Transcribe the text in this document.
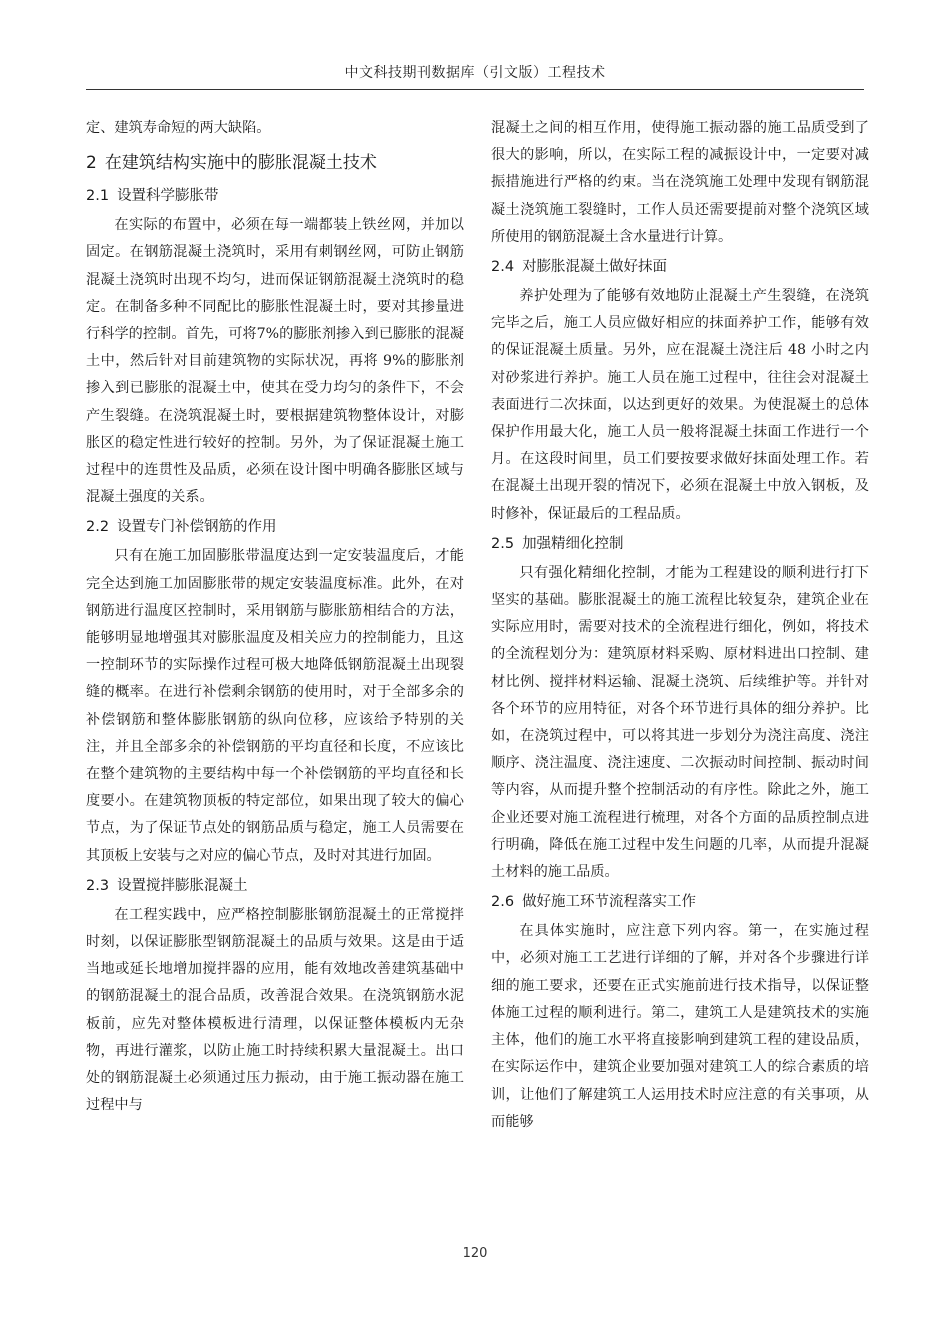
中文科技期刊数据库（引文版）工程技术

定、建筑寿命短的两大缺陷。

2 在建筑结构实施中的膨胀混凝土技术
2.1 设置科学膨胀带

在实际的布置中，必须在每一端都装上铁丝网，并加以固定。在钢筋混凝土浇筑时，采用有刺钢丝网，可防止钢筋混凝土浇筑时出现不均匀，进而保证钢筋混凝土浇筑时的稳定。在制备多种不同配比的膨胀性混凝土时，要对其掺量进行科学的控制。首先，可将7%的膨胀剂掺入到已膨胀的混凝土中，然后针对目前建筑物的实际状况，再将 9%的膨胀剂掺入到已膨胀的混凝土中，使其在受力均匀的条件下，不会产生裂缝。在浇筑混凝土时，要根据建筑物整体设计，对膨胀区的稳定性进行较好的控制。另外，为了保证混凝土施工过程中的连贯性及品质，必须在设计图中明确各膨胀区域与混凝土强度的关系。

2.2 设置专门补偿钢筋的作用

只有在施工加固膨胀带温度达到一定安装温度后，才能完全达到施工加固膨胀带的规定安装温度标准。此外，在对钢筋进行温度区控制时，采用钢筋与膨胀筋相结合的方法，能够明显地增强其对膨胀温度及相关应力的控制能力，且这一控制环节的实际操作过程可极大地降低钢筋混凝土出现裂缝的概率。在进行补偿剩余钢筋的使用时，对于全部多余的补偿钢筋和整体膨胀钢筋的纵向位移，应该给予特别的关注，并且全部多余的补偿钢筋的平均直径和长度，不应该比在整个建筑物的主要结构中每一个补偿钢筋的平均直径和长度要小。在建筑物顶板的特定部位，如果出现了较大的偏心节点，为了保证节点处的钢筋品质与稳定，施工人员需要在其顶板上安装与之对应的偏心节点，及时对其进行加固。

2.3 设置搅拌膨胀混凝土

在工程实践中，应严格控制膨胀钢筋混凝土的正常搅拌时刻，以保证膨胀型钢筋混凝土的品质与效果。这是由于适当地或延长地增加搅拌器的应用，能有效地改善建筑基础中的钢筋混凝土的混合品质，改善混合效果。在浇筑钢筋水泥板前，应先对整体模板进行清理，以保证整体模板内无杂物，再进行灌浆，以防止施工时持续积累大量混凝土。出口处的钢筋混凝土必须通过压力振动，由于施工振动器在施工过程中与

混凝土之间的相互作用，使得施工振动器的施工品质受到了很大的影响，所以，在实际工程的减振设计中，一定要对减振措施进行严格的约束。当在浇筑施工处理中发现有钢筋混凝土浇筑施工裂缝时，工作人员还需要提前对整个浇筑区域所使用的钢筋混凝土含水量进行计算。

2.4 对膨胀混凝土做好抹面

养护处理为了能够有效地防止混凝土产生裂缝，在浇筑完毕之后，施工人员应做好相应的抹面养护工作，能够有效的保证混凝土质量。另外，应在混凝土浇注后 48 小时之内对砂浆进行养护。施工人员在施工过程中，往往会对混凝土表面进行二次抹面，以达到更好的效果。为使混凝土的总体保护作用最大化，施工人员一般将混凝土抹面工作进行一个月。在这段时间里，员工们要按要求做好抹面处理工作。若在混凝土出现开裂的情况下，必须在混凝土中放入钢板，及时修补，保证最后的工程品质。

2.5 加强精细化控制

只有强化精细化控制，才能为工程建设的顺利进行打下坚实的基础。膨胀混凝土的施工流程比较复杂，建筑企业在实际应用时，需要对技术的全流程进行细化，例如，将技术的全流程划分为：建筑原材料采购、原材料进出口控制、建材比例、搅拌材料运输、混凝土浇筑、后续维护等。并针对各个环节的应用特征，对各个环节进行具体的细分养护。比如，在浇筑过程中，可以将其进一步划分为浇注高度、浇注顺序、浇注温度、浇注速度、二次振动时间控制、振动时间等内容，从而提升整个控制活动的有序性。除此之外，施工企业还要对施工流程进行梳理，对各个方面的品质控制点进行明确，降低在施工过程中发生问题的几率，从而提升混凝土材料的施工品质。

2.6 做好施工环节流程落实工作

在具体实施时，应注意下列内容。第一，在实施过程中，必须对施工工艺进行详细的了解，并对各个步骤进行详细的施工要求，还要在正式实施前进行技术指导，以保证整体施工过程的顺利进行。第二，建筑工人是建筑技术的实施主体，他们的施工水平将直接影响到建筑工程的建设品质，在实际运作中，建筑企业要加强对建筑工人的综合素质的培训，让他们了解建筑工人运用技术时应注意的有关事项，从而能够

120
